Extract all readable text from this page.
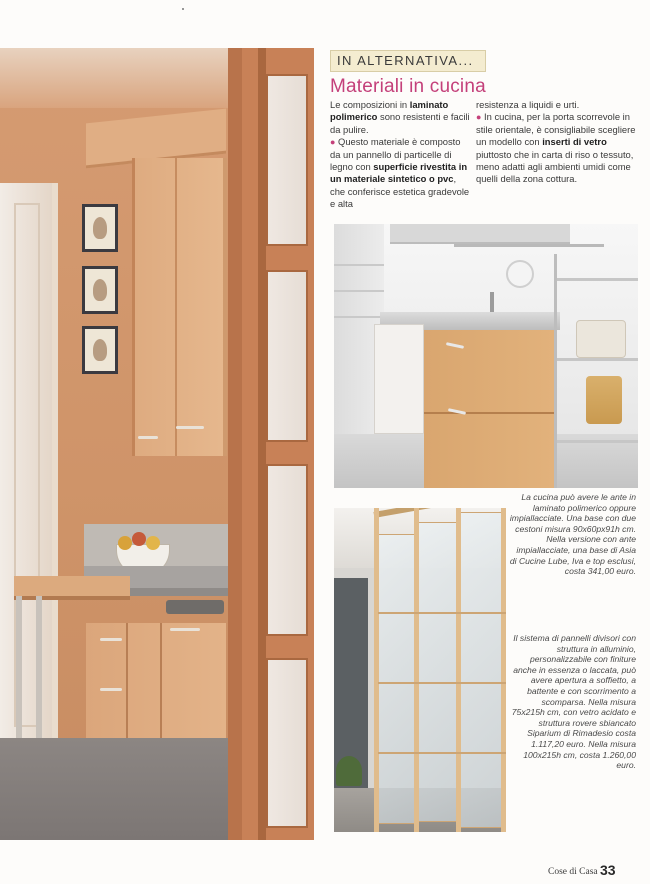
IN ALTERNATIVA...
Materiali in cucina
Le composizioni in laminato polimerico sono resistenti e facili da pulire.
● Questo materiale è composto da un pannello di particelle di legno con superficie rivestita in un materiale sintetico o pvc, che conferisce estetica gradevole e alta
resistenza a liquidi e urti.
● In cucina, per la porta scorrevole in stile orientale, è consigliabile scegliere un modello con inserti di vetro piuttosto che in carta di riso o tessuto, meno adatti agli ambienti umidi come quelli della zona cottura.
La cucina può avere le ante in laminato polimerico oppure impiallacciate. Una base con due cestoni misura 90x60px91h cm. Nella versione con ante impiallacciate, una base di Asia di Cucine Lube, Iva e top esclusi, costa 341,00 euro.
Il sistema di pannelli divisori con struttura in alluminio, personalizzabile con finiture anche in essenza o laccata, può avere apertura a soffietto, a battente e con scorrimento a scomparsa. Nella misura 75x215h cm, con vetro acidato e struttura rovere sbiancato Siparium di Rimadesio costa 1.117,20 euro. Nella misura 100x215h cm, costa 1.260,00 euro.
Cose di Casa 33
